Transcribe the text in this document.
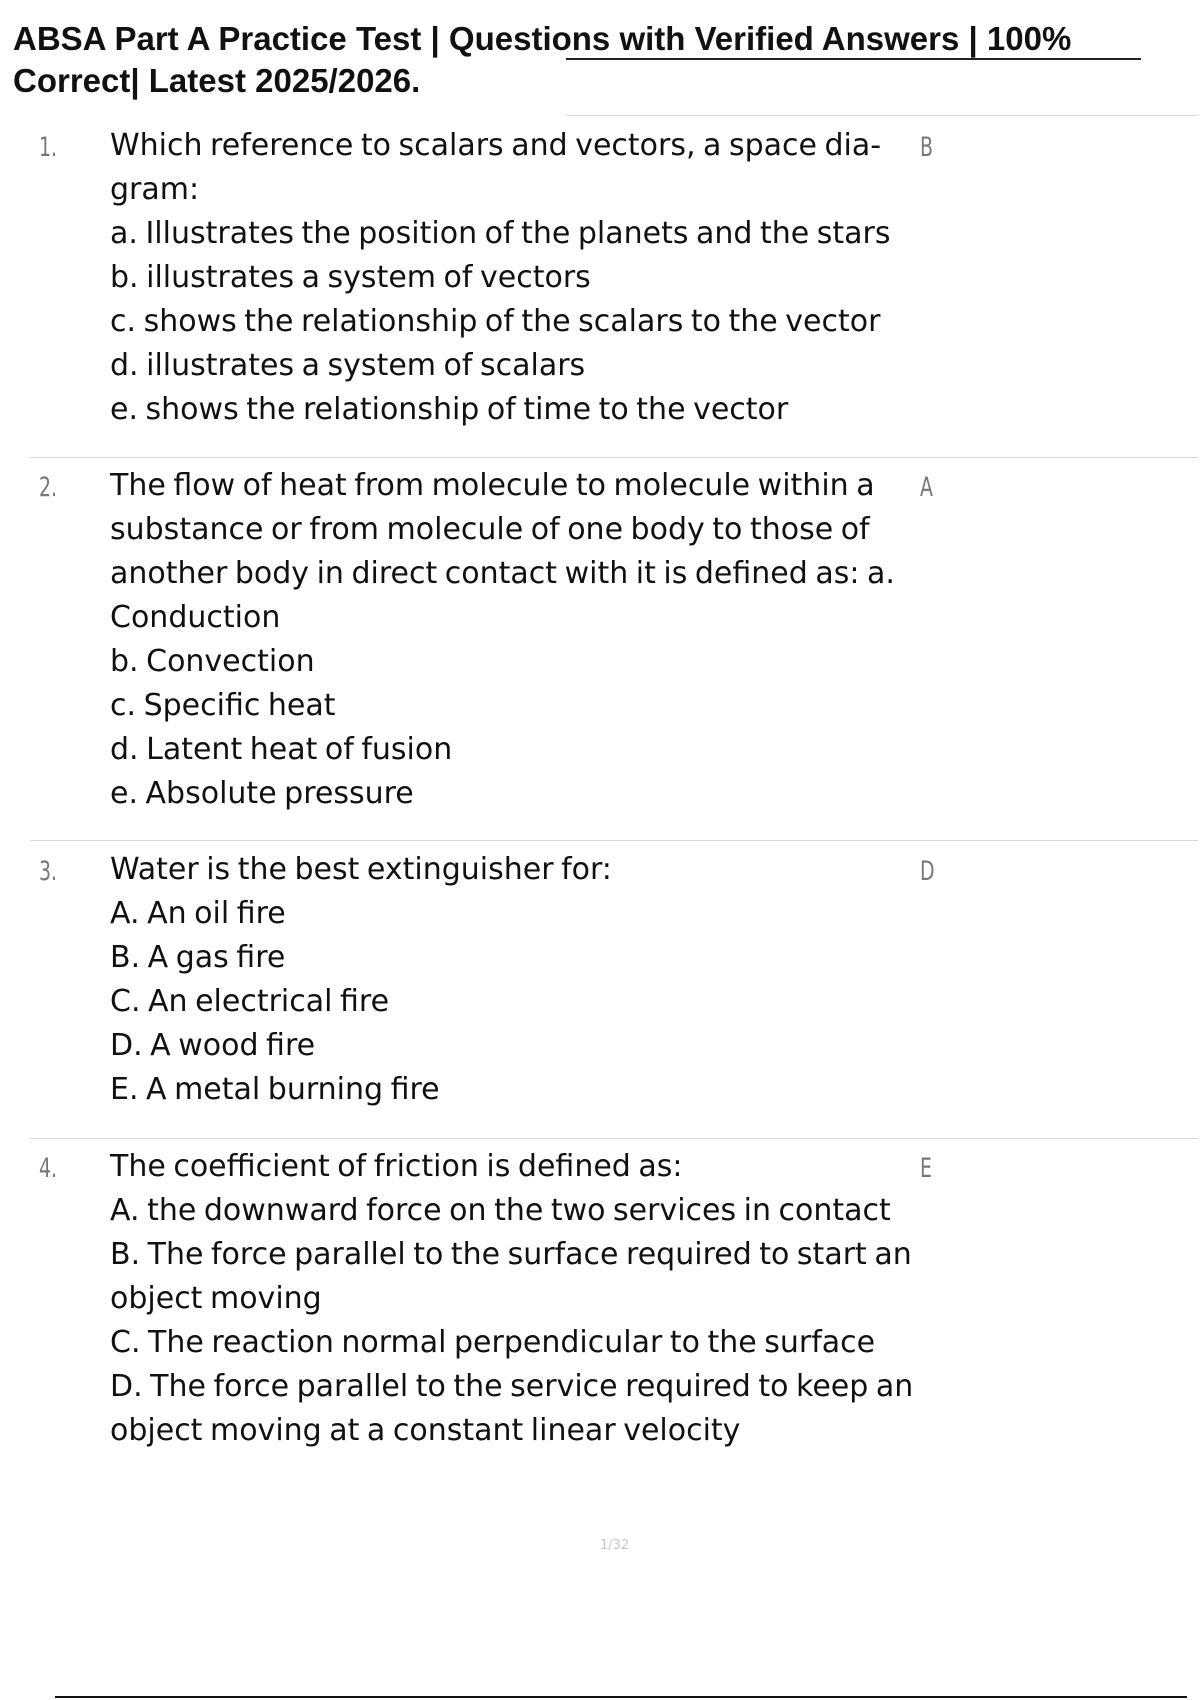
ABSA Part A Practice Test | Questions with Verified Answers | 100% Correct| Latest 2025/2026.
1. Which reference to scalars and vectors, a space dia- gram:

a. Illustrates the position of the planets and the stars

b. illustrates a system of vectors

c. shows the relationship of the scalars to the vector

d. illustrates a system of scalars

e. shows the relationship of time to the vector

B
2. The flow of heat from molecule to molecule within a substance or from molecule of one body to those of another body in direct contact with it is defined as: a. Conduction

b. Convection

c. Specific heat

d. Latent heat of fusion

e. Absolute pressure

A
3. Water is the best extinguisher for:

A. An oil fire

B. A gas fire

C. An electrical fire

D. A wood fire

E. A metal burning fire

D
4. The coefficient of friction is defined as:

A. the downward force on the two services in contact

B. The force parallel to the surface required to start an object moving

C. The reaction normal perpendicular to the surface

D. The force parallel to the service required to keep an object moving at a constant linear velocity

E
1/32
